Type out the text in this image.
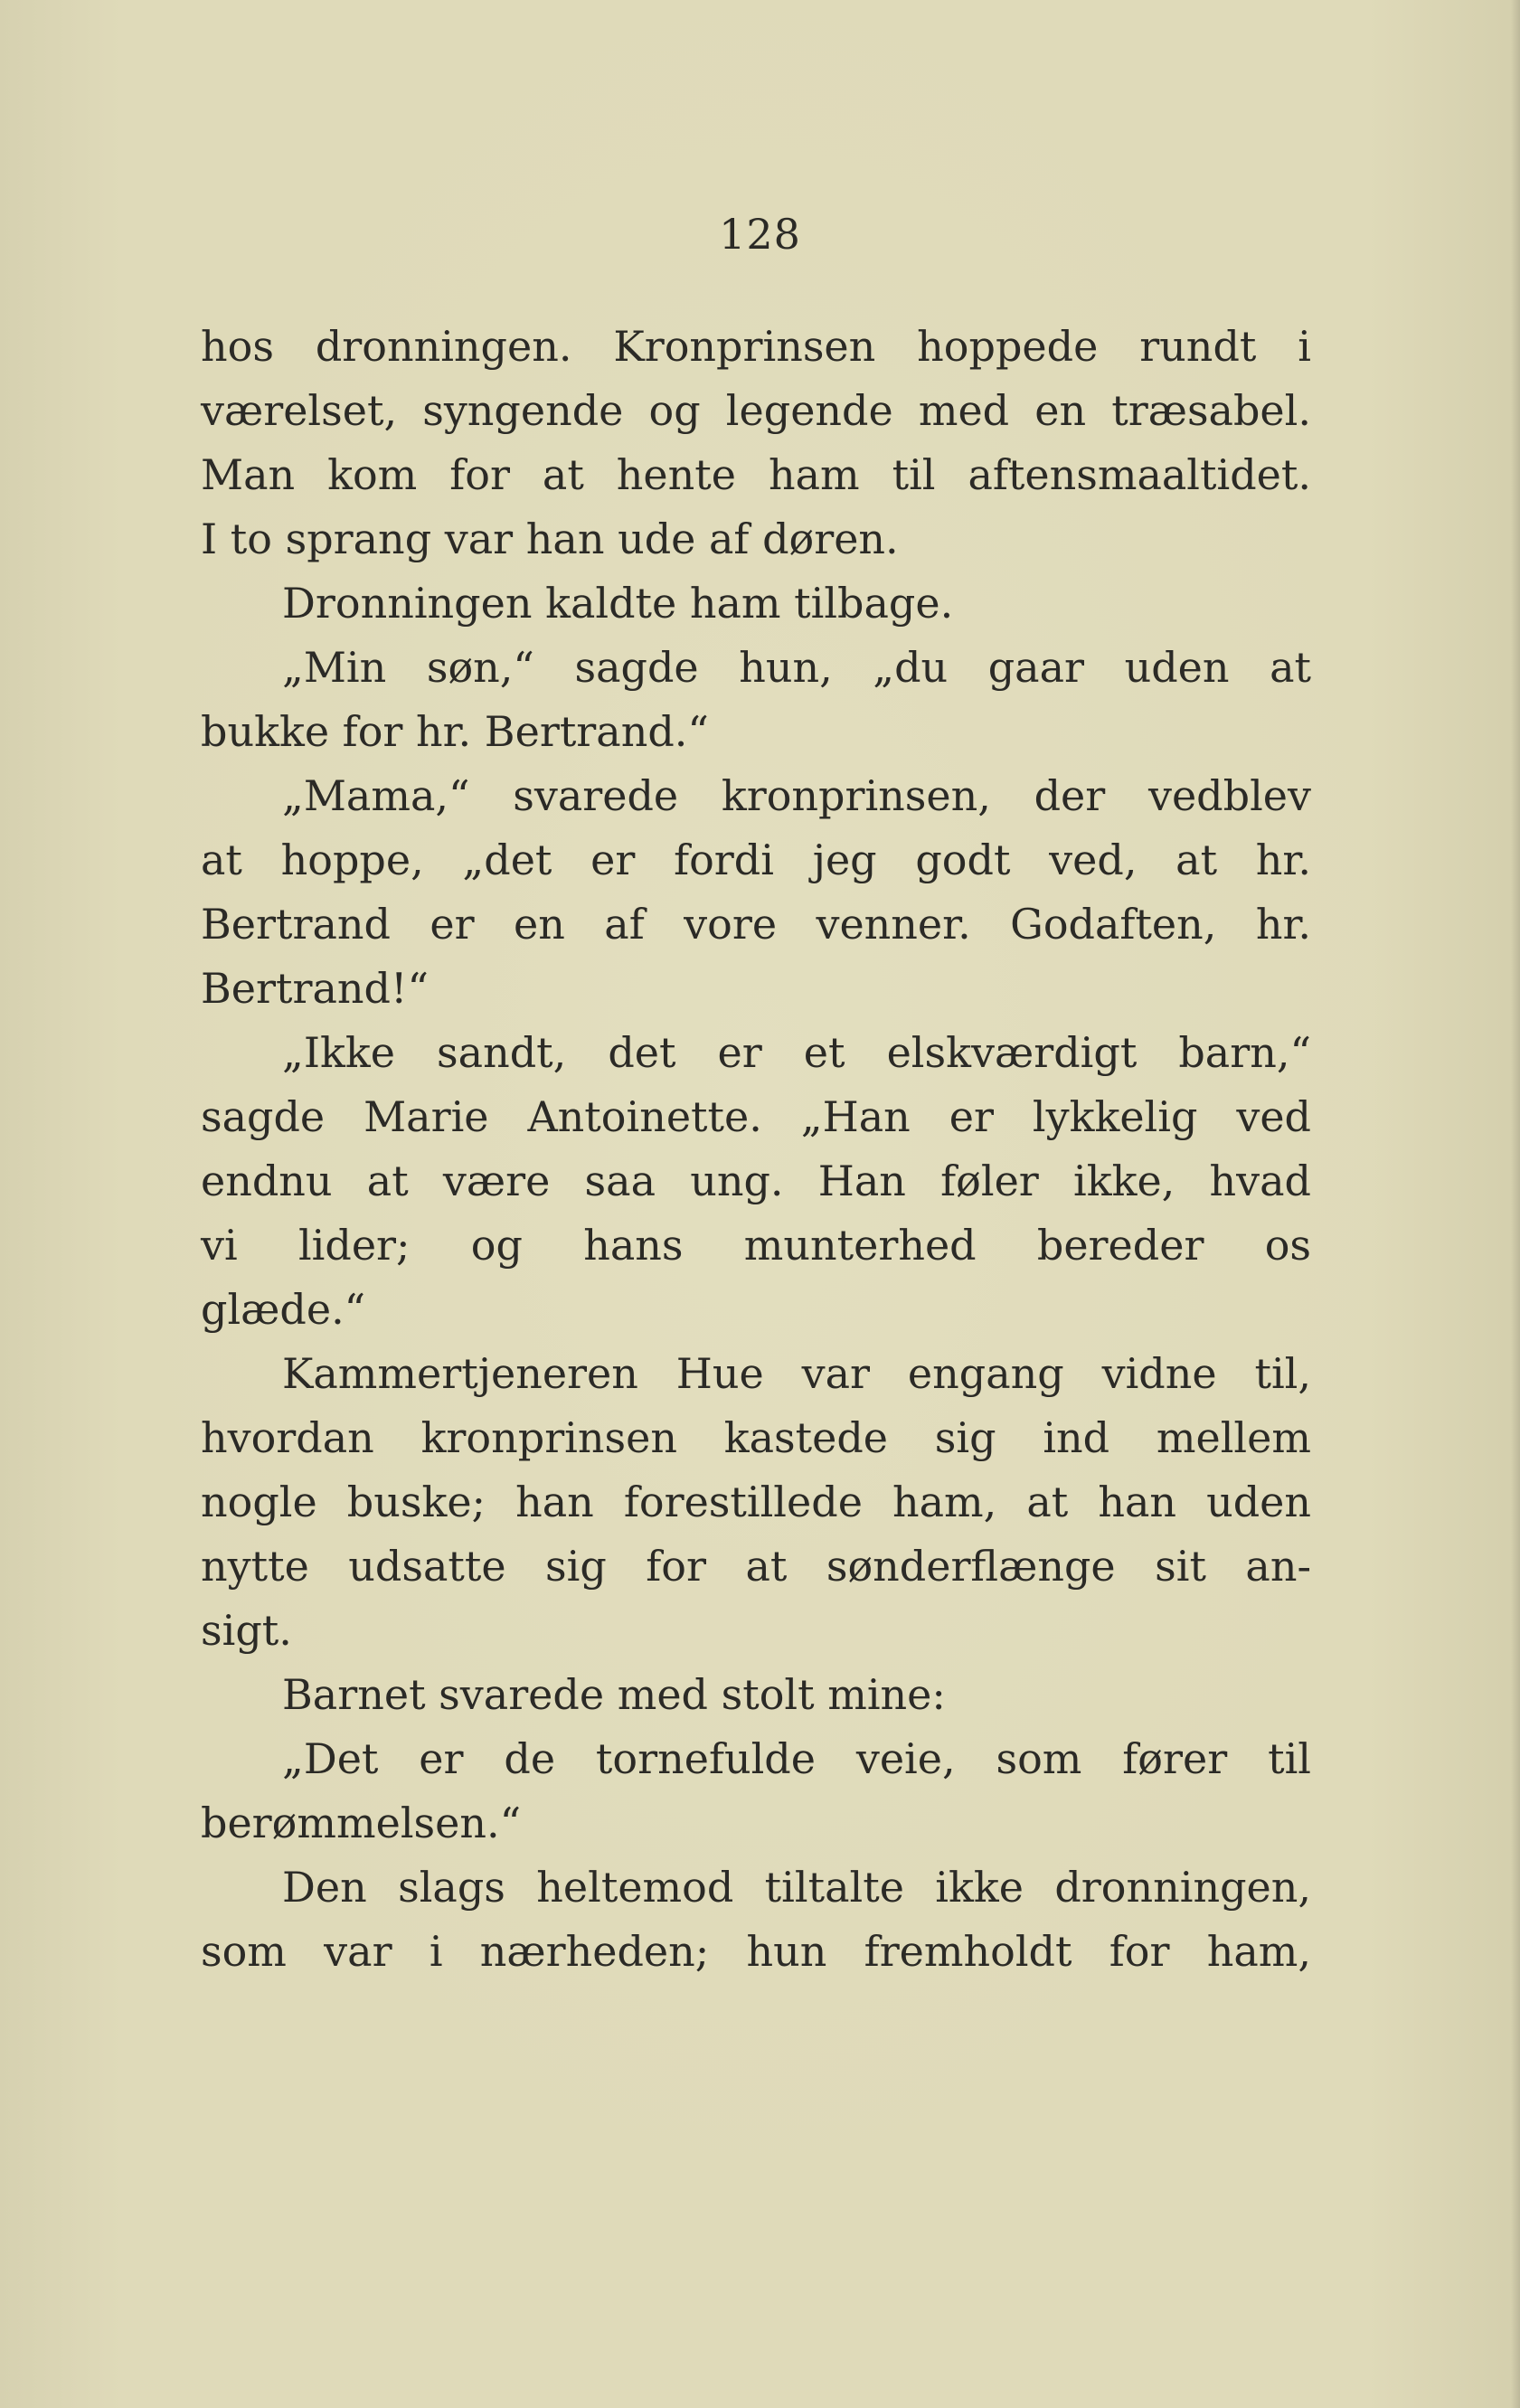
128
hos dronningen. Kronprinsen hoppede rundt i
værelset, syngende og legende med en træsabel.
Man kom for at hente ham til aftensmaaltidet.
I to sprang var han ude af døren.
Dronningen kaldte ham tilbage.
„Min søn,“ sagde hun, „du gaar uden at
bukke for hr. Bertrand.“
„Mama,“ svarede kronprinsen, der vedblev
at hoppe, „det er fordi jeg godt ved, at hr.
Bertrand er en af vore venner. Godaften, hr.
Bertrand!“
„Ikke sandt, det er et elskværdigt barn,“
sagde Marie Antoinette. „Han er lykkelig ved
endnu at være saa ung. Han føler ikke, hvad
vi lider; og hans munterhed bereder os
glæde.“
Kammertjeneren Hue var engang vidne til,
hvordan kronprinsen kastede sig ind mellem
nogle buske; han forestillede ham, at han uden
nytte udsatte sig for at sønderflænge sit an-
sigt.
Barnet svarede med stolt mine:
„Det er de tornefulde veie, som fører til
berømmelsen.“
Den slags heltemod tiltalte ikke dronningen,
som var i nærheden; hun fremholdt for ham,
